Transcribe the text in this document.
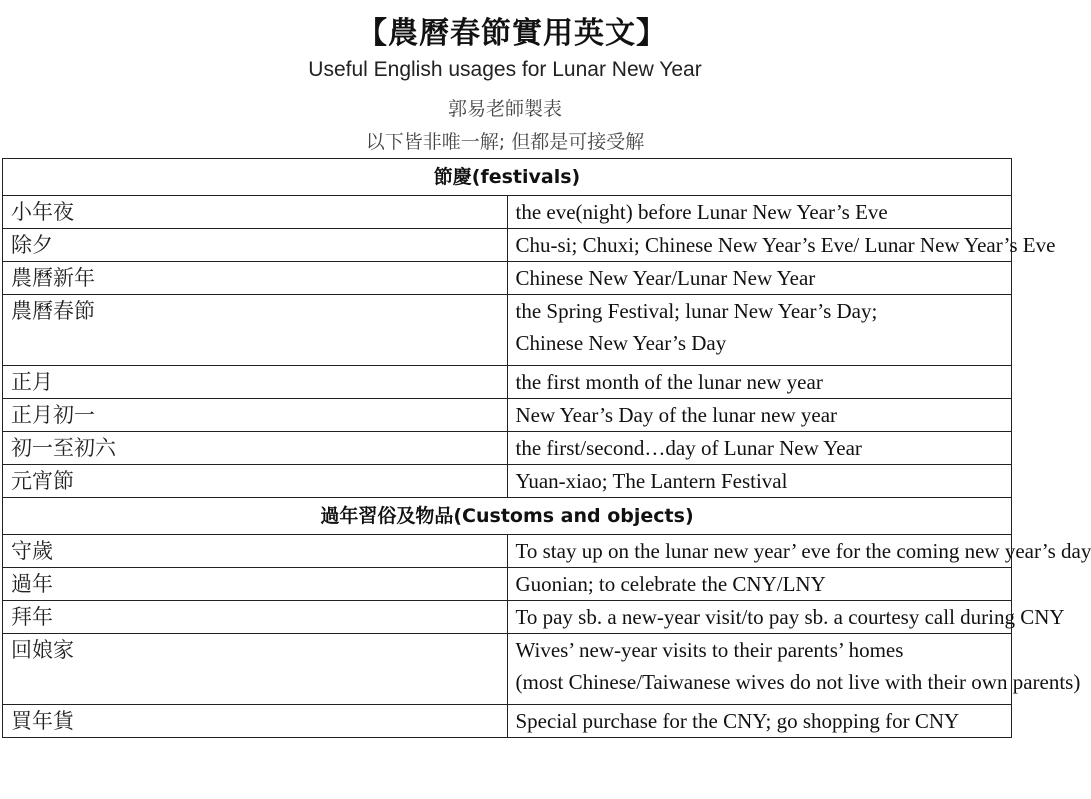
【農曆春節實用英文】
Useful English usages for Lunar New Year
郭易老師製表
以下皆非唯一解; 但都是可接受解
節慶(festivals)	
小年夜	the eve(night) before Lunar New Year’s Eve

除夕	Chu-si; Chuxi; Chinese New Year’s Eve/ Lunar New Year’s Eve

農曆新年	Chinese New Year/Lunar New Year

農曆春節	the Spring Festival; lunar New Year’s Day;
Chinese New Year’s Day

正月	the first month of the lunar new year

正月初一	New Year’s Day of the lunar new year

初一至初六	the first/second…day of Lunar New Year

元宵節	Yuan-xiao; The Lantern Festival

過年習俗及物品(Customs and objects)	
守歲	To stay up on the lunar new year’ eve for the coming new year’s day

過年	Guonian; to celebrate the CNY/LNY

拜年	To pay sb. a new-year visit/to pay sb. a courtesy call during CNY

回娘家	Wives’ new-year visits to their parents’ homes
(most Chinese/Taiwanese wives do not live with their own parents)

買年貨	Special purchase for the CNY; go shopping for CNY
